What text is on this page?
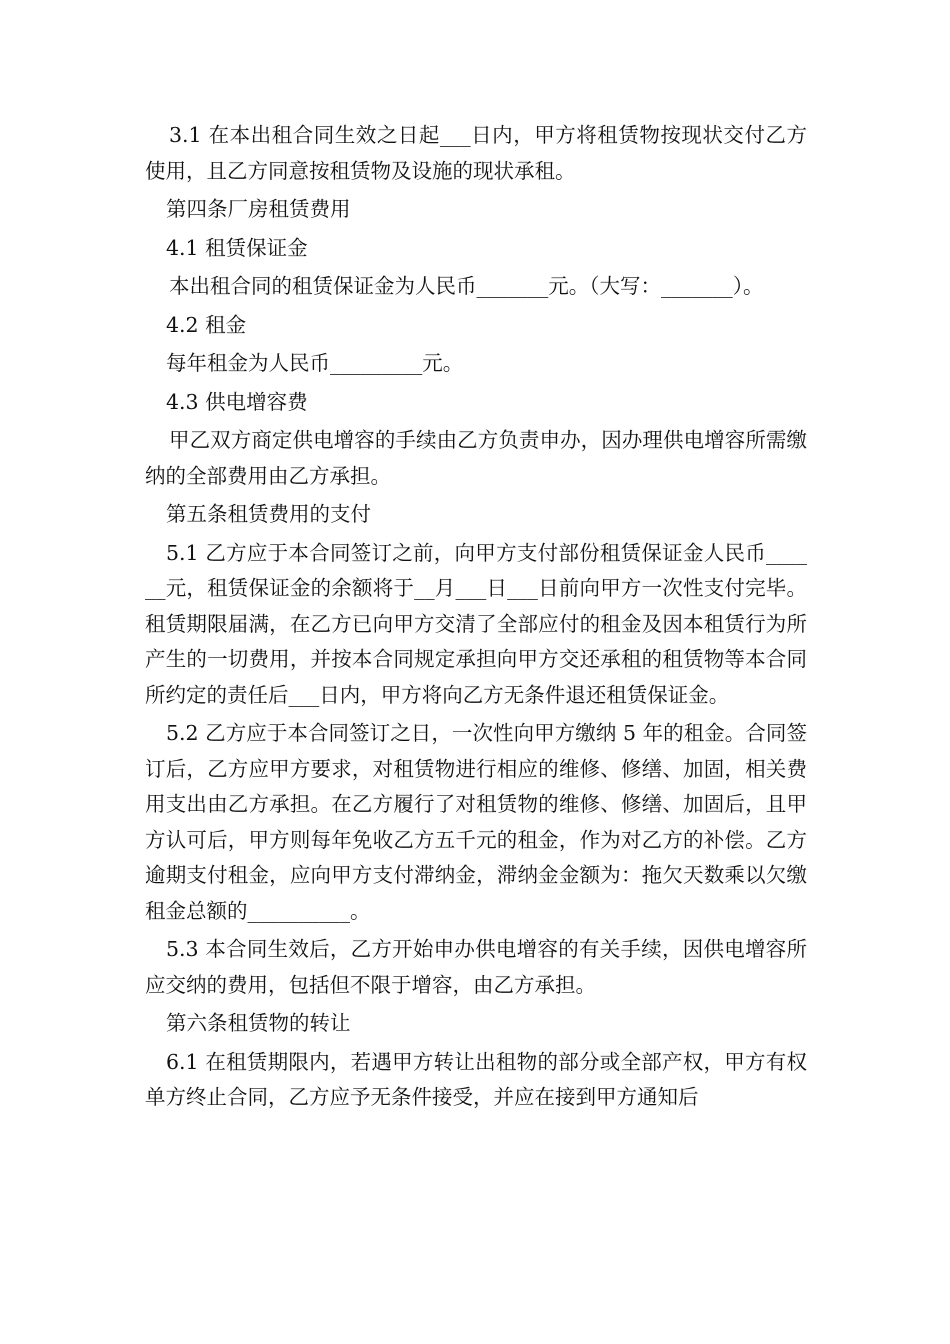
3.1 在本出租合同生效之日起___日内，甲方将租赁物按现状交付乙方使用，且乙方同意按租赁物及设施的现状承租。

第四条厂房租赁费用

4.1 租赁保证金

本出租合同的租赁保证金为人民币_______元。（大写：_______）。

4.2 租金

每年租金为人民币_________元。

4.3 供电增容费

甲乙双方商定供电增容的手续由乙方负责申办，因办理供电增容所需缴纳的全部费用由乙方承担。

第五条租赁费用的支付

5.1 乙方应于本合同签订之前，向甲方支付部份租赁保证金人民币______元，租赁保证金的余额将于__月___日___日前向甲方一次性支付完毕。租赁期限届满，在乙方已向甲方交清了全部应付的租金及因本租赁行为所产生的一切费用，并按本合同规定承担向甲方交还承租的租赁物等本合同所约定的责任后___日内，甲方将向乙方无条件退还租赁保证金。

5.2 乙方应于本合同签订之日，一次性向甲方缴纳 5 年的租金。合同签订后，乙方应甲方要求，对租赁物进行相应的维修、修缮、加固，相关费用支出由乙方承担。在乙方履行了对租赁物的维修、修缮、加固后，且甲方认可后，甲方则每年免收乙方五千元的租金，作为对乙方的补偿。乙方逾期支付租金，应向甲方支付滞纳金，滞纳金金额为：拖欠天数乘以欠缴租金总额的__________。

5.3 本合同生效后，乙方开始申办供电增容的有关手续，因供电增容所应交纳的费用，包括但不限于增容，由乙方承担。

第六条租赁物的转让

6.1 在租赁期限内，若遇甲方转让出租物的部分或全部产权，甲方有权单方终止合同，乙方应予无条件接受，并应在接到甲方通知后
